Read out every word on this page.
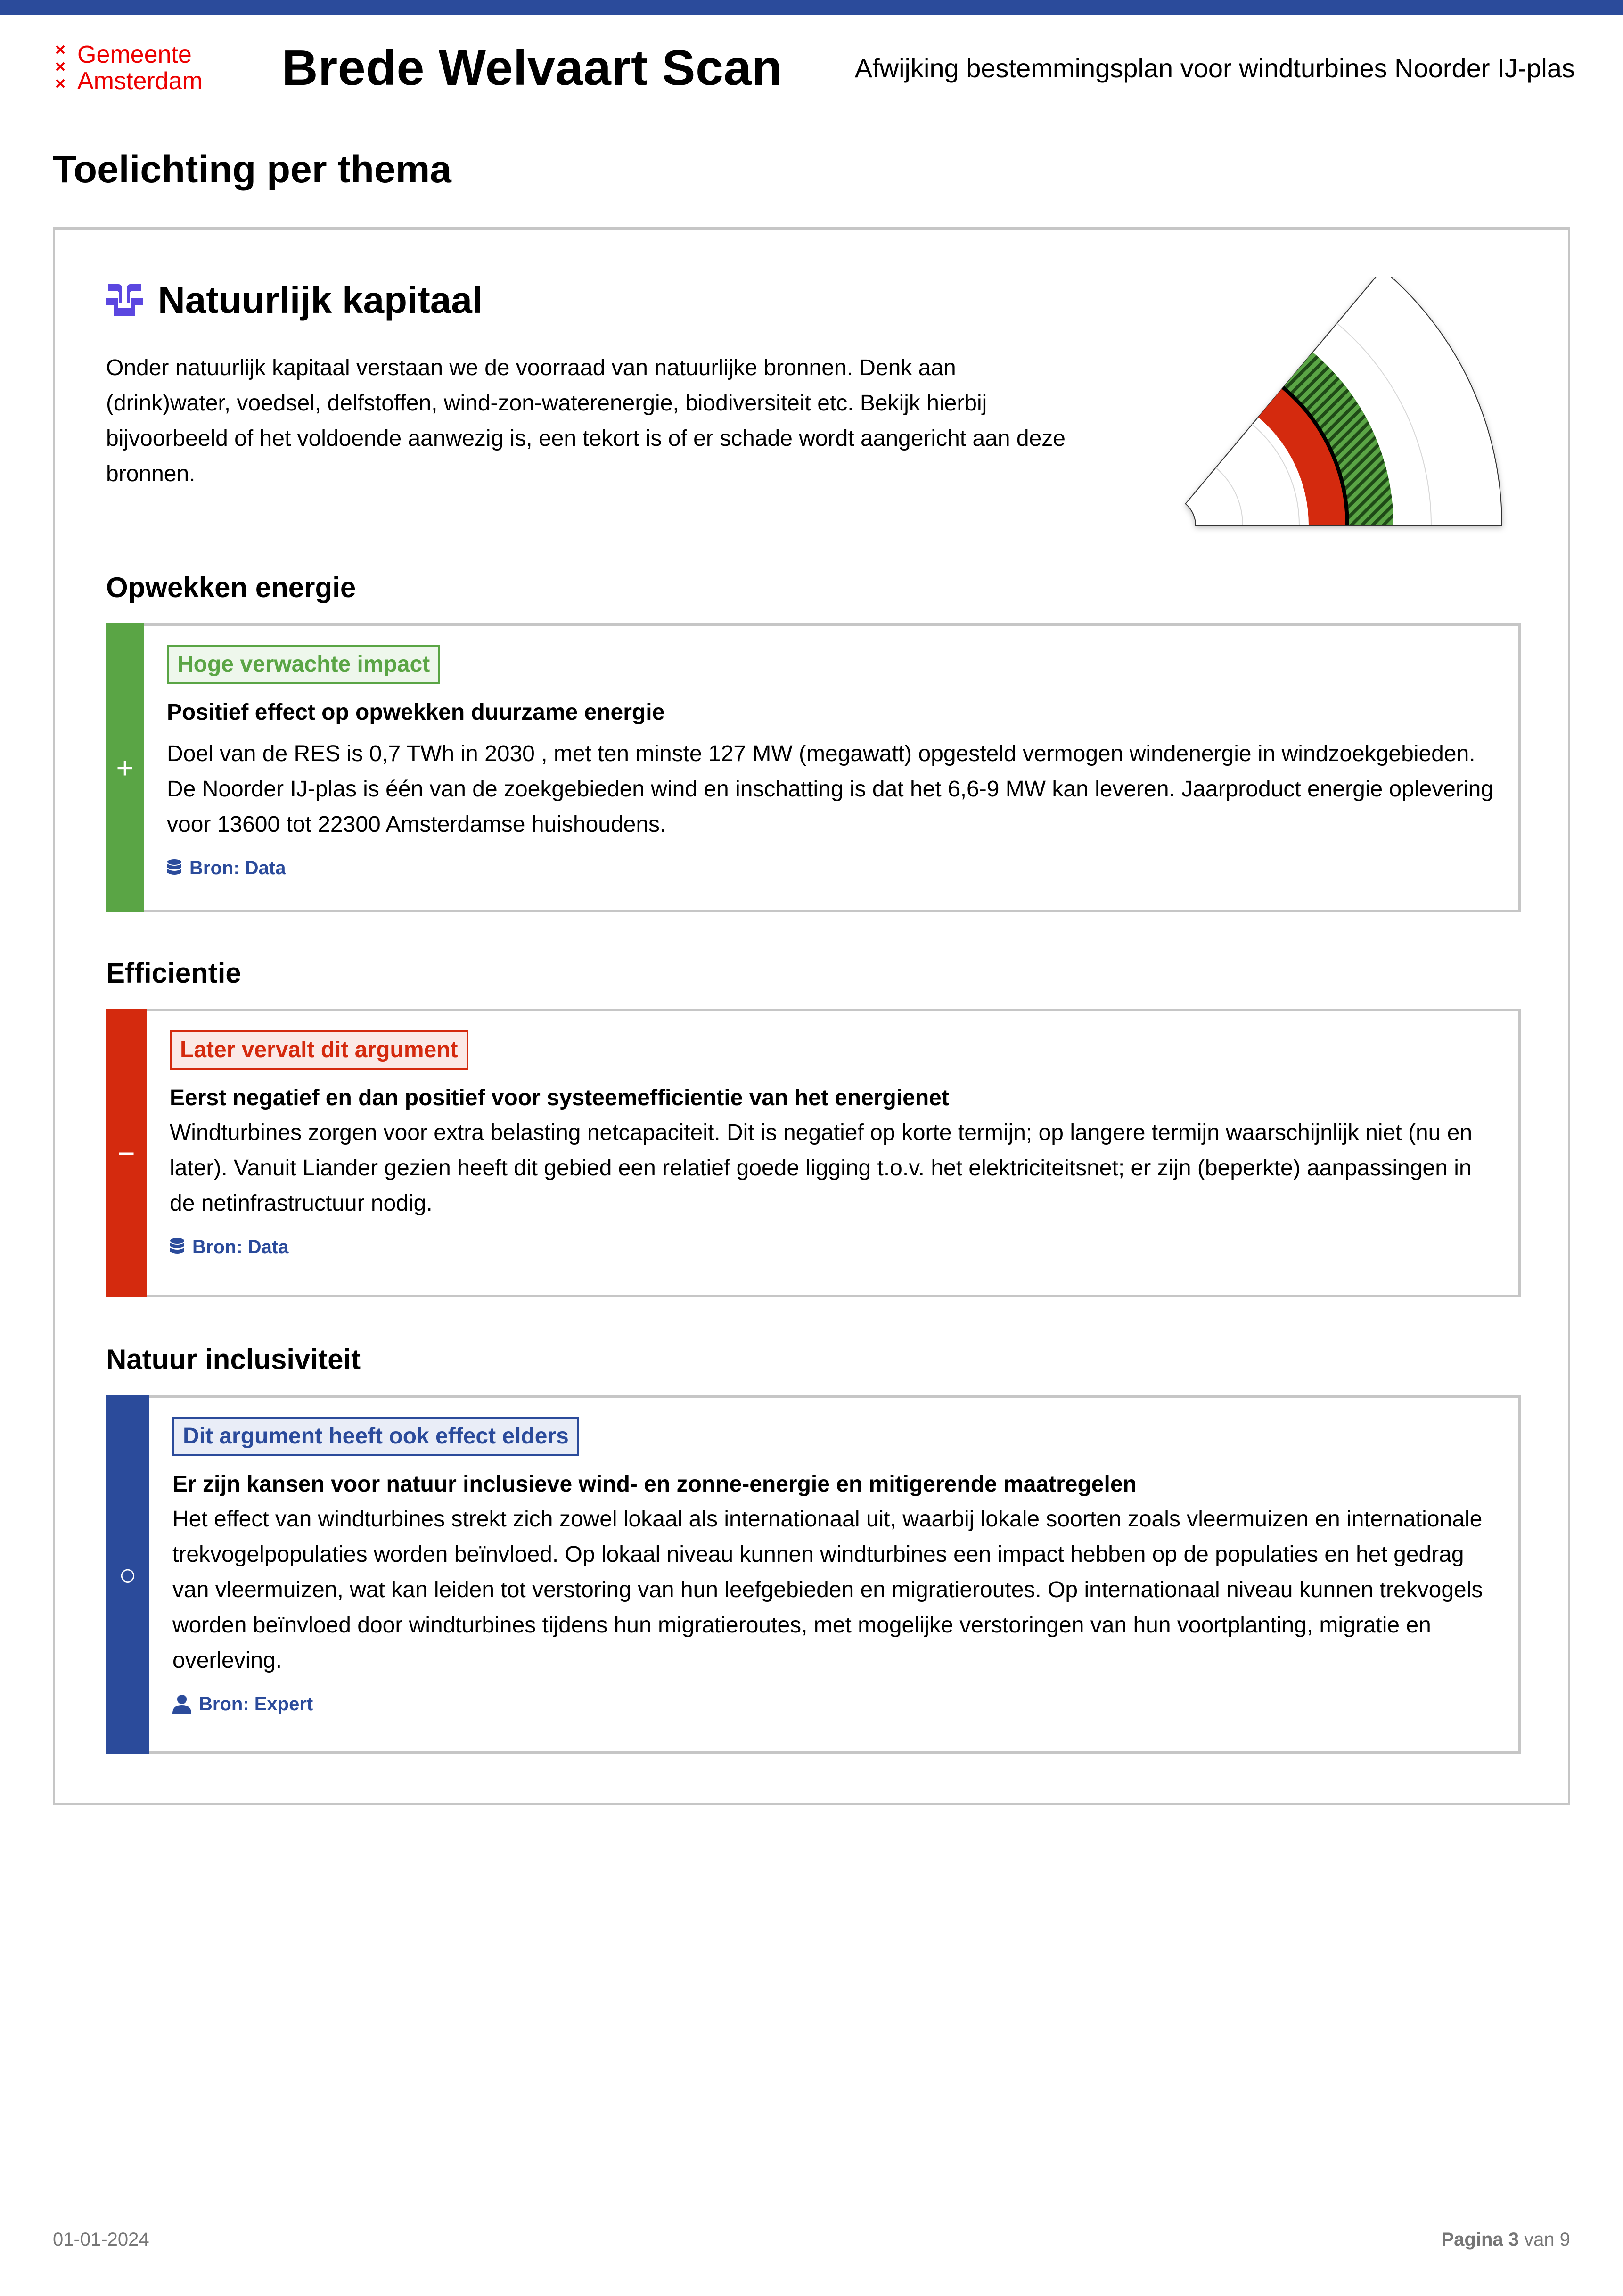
×
×
×
Gemeente
Amsterdam Brede Welvaart Scan	Afwijking bestemmingsplan voor windturbines Noorder IJ-plas
Toelichting per thema
Natuurlijk kapitaal
Onder natuurlijk kapitaal verstaan we de voorraad van natuurlijke bronnen. Denk aan (drink)water, voedsel, delfstoffen, wind-zon-waterenergie, biodiversiteit etc. Bekijk hierbij bijvoorbeeld of het voldoende aanwezig is, een tekort is of er schade wordt aangericht aan deze bronnen.
Opwekken energie
+
Hoge verwachte impact
Positief effect op opwekken duurzame energie
Doel van de RES is 0,7 TWh in 2030 , met ten minste 127 MW (megawatt) opgesteld vermogen windenergie in windzoekgebieden. De Noorder IJ-plas is één van de zoekgebieden wind en inschatting is dat het 6,6-9 MW kan leveren. Jaarproduct energie oplevering voor 13600 tot 22300 Amsterdamse huishoudens.
Bron: Data
Efficientie
−
Later vervalt dit argument
Eerst negatief en dan positief voor systeemefficientie van het energienet
Windturbines zorgen voor extra belasting netcapaciteit. Dit is negatief op korte termijn; op langere termijn waarschijnlijk niet (nu en later). Vanuit Liander gezien heeft dit gebied een relatief goede ligging t.o.v. het elektriciteitsnet; er zijn (beperkte) aanpassingen in de netinfrastructuur nodig.
Bron: Data
Natuur inclusiviteit
○
Dit argument heeft ook effect elders
Er zijn kansen voor natuur inclusieve wind- en zonne-energie en mitigerende maatregelen
Het effect van windturbines strekt zich zowel lokaal als internationaal uit, waarbij lokale soorten zoals vleermuizen en internationale trekvogelpopulaties worden beïnvloed. Op lokaal niveau kunnen windturbines een impact hebben op de populaties en het gedrag van vleermuizen, wat kan leiden tot verstoring van hun leefgebieden en migratieroutes. Op internationaal niveau kunnen trekvogels worden beïnvloed door windturbines tijdens hun migratieroutes, met mogelijke verstoringen van hun voortplanting, migratie en overleving.
Bron: Expert
01-01-2024	Pagina 3 van 9
